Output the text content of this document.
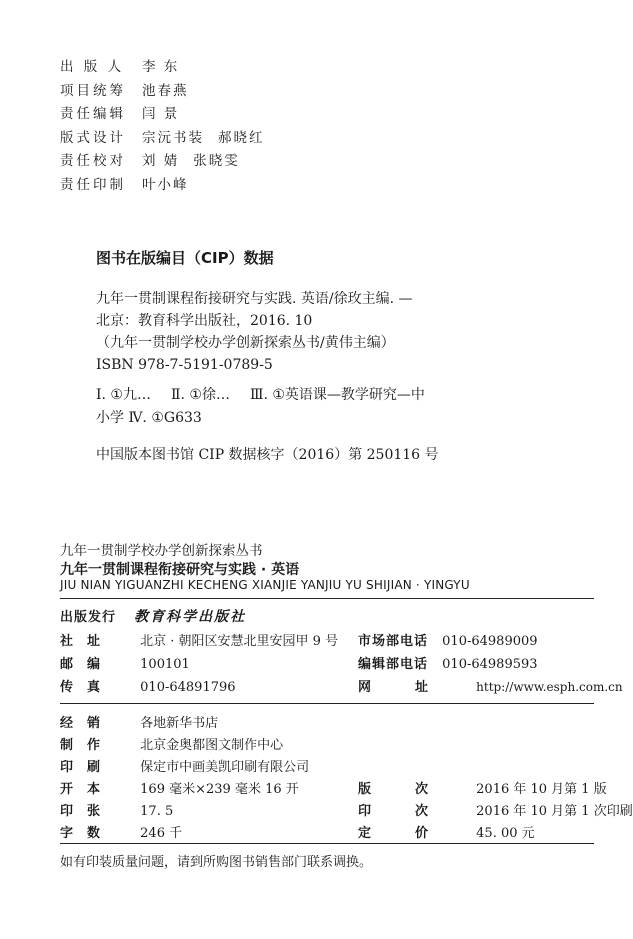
出 版 人	李 东
项目统筹	池春燕
责任编辑	闫 景
版式设计	宗沅书装 郝晓红
责任校对	刘 婧 张晓雯
责任印制	叶小峰
图书在版编目（CIP）数据
九年一贯制课程衔接研究与实践. 英语/徐玫主编. —
北京：教育科学出版社，2016. 10
（九年一贯制学校办学创新探索丛书/黄伟主编）
ISBN 978-7-5191-0789-5
Ⅰ. ①九… Ⅱ. ①徐… Ⅲ. ①英语课—教学研究—中
小学 Ⅳ. ①G633
中国版本图书馆 CIP 数据核字（2016）第 250116 号
九年一贯制学校办学创新探索丛书
九年一贯制课程衔接研究与实践 · 英语
JIU NIAN YIGUANZHI KECHENG XIANJIE YANJIU YU SHIJIAN · YINGYU
出版发行 教育科学出版社
社址 北京 · 朝阳区安慧北里安园甲 9 号 市场部电话 010-64989009
邮编 100101	编辑部电话 010-64989593
传真 010-64891796	网址 http://www.esph.com.cn
经销 各地新华书店
制作 北京金奥都图文制作中心
印刷 保定市中画美凯印刷有限公司
开本 169 毫米×239 毫米 16 开	版次 2016 年 10 月第 1 版
印张 17. 5	印次 2016 年 10 月第 1 次印刷
字数 246 千	定价 45. 00 元
如有印装质量问题，请到所购图书销售部门联系调换。
